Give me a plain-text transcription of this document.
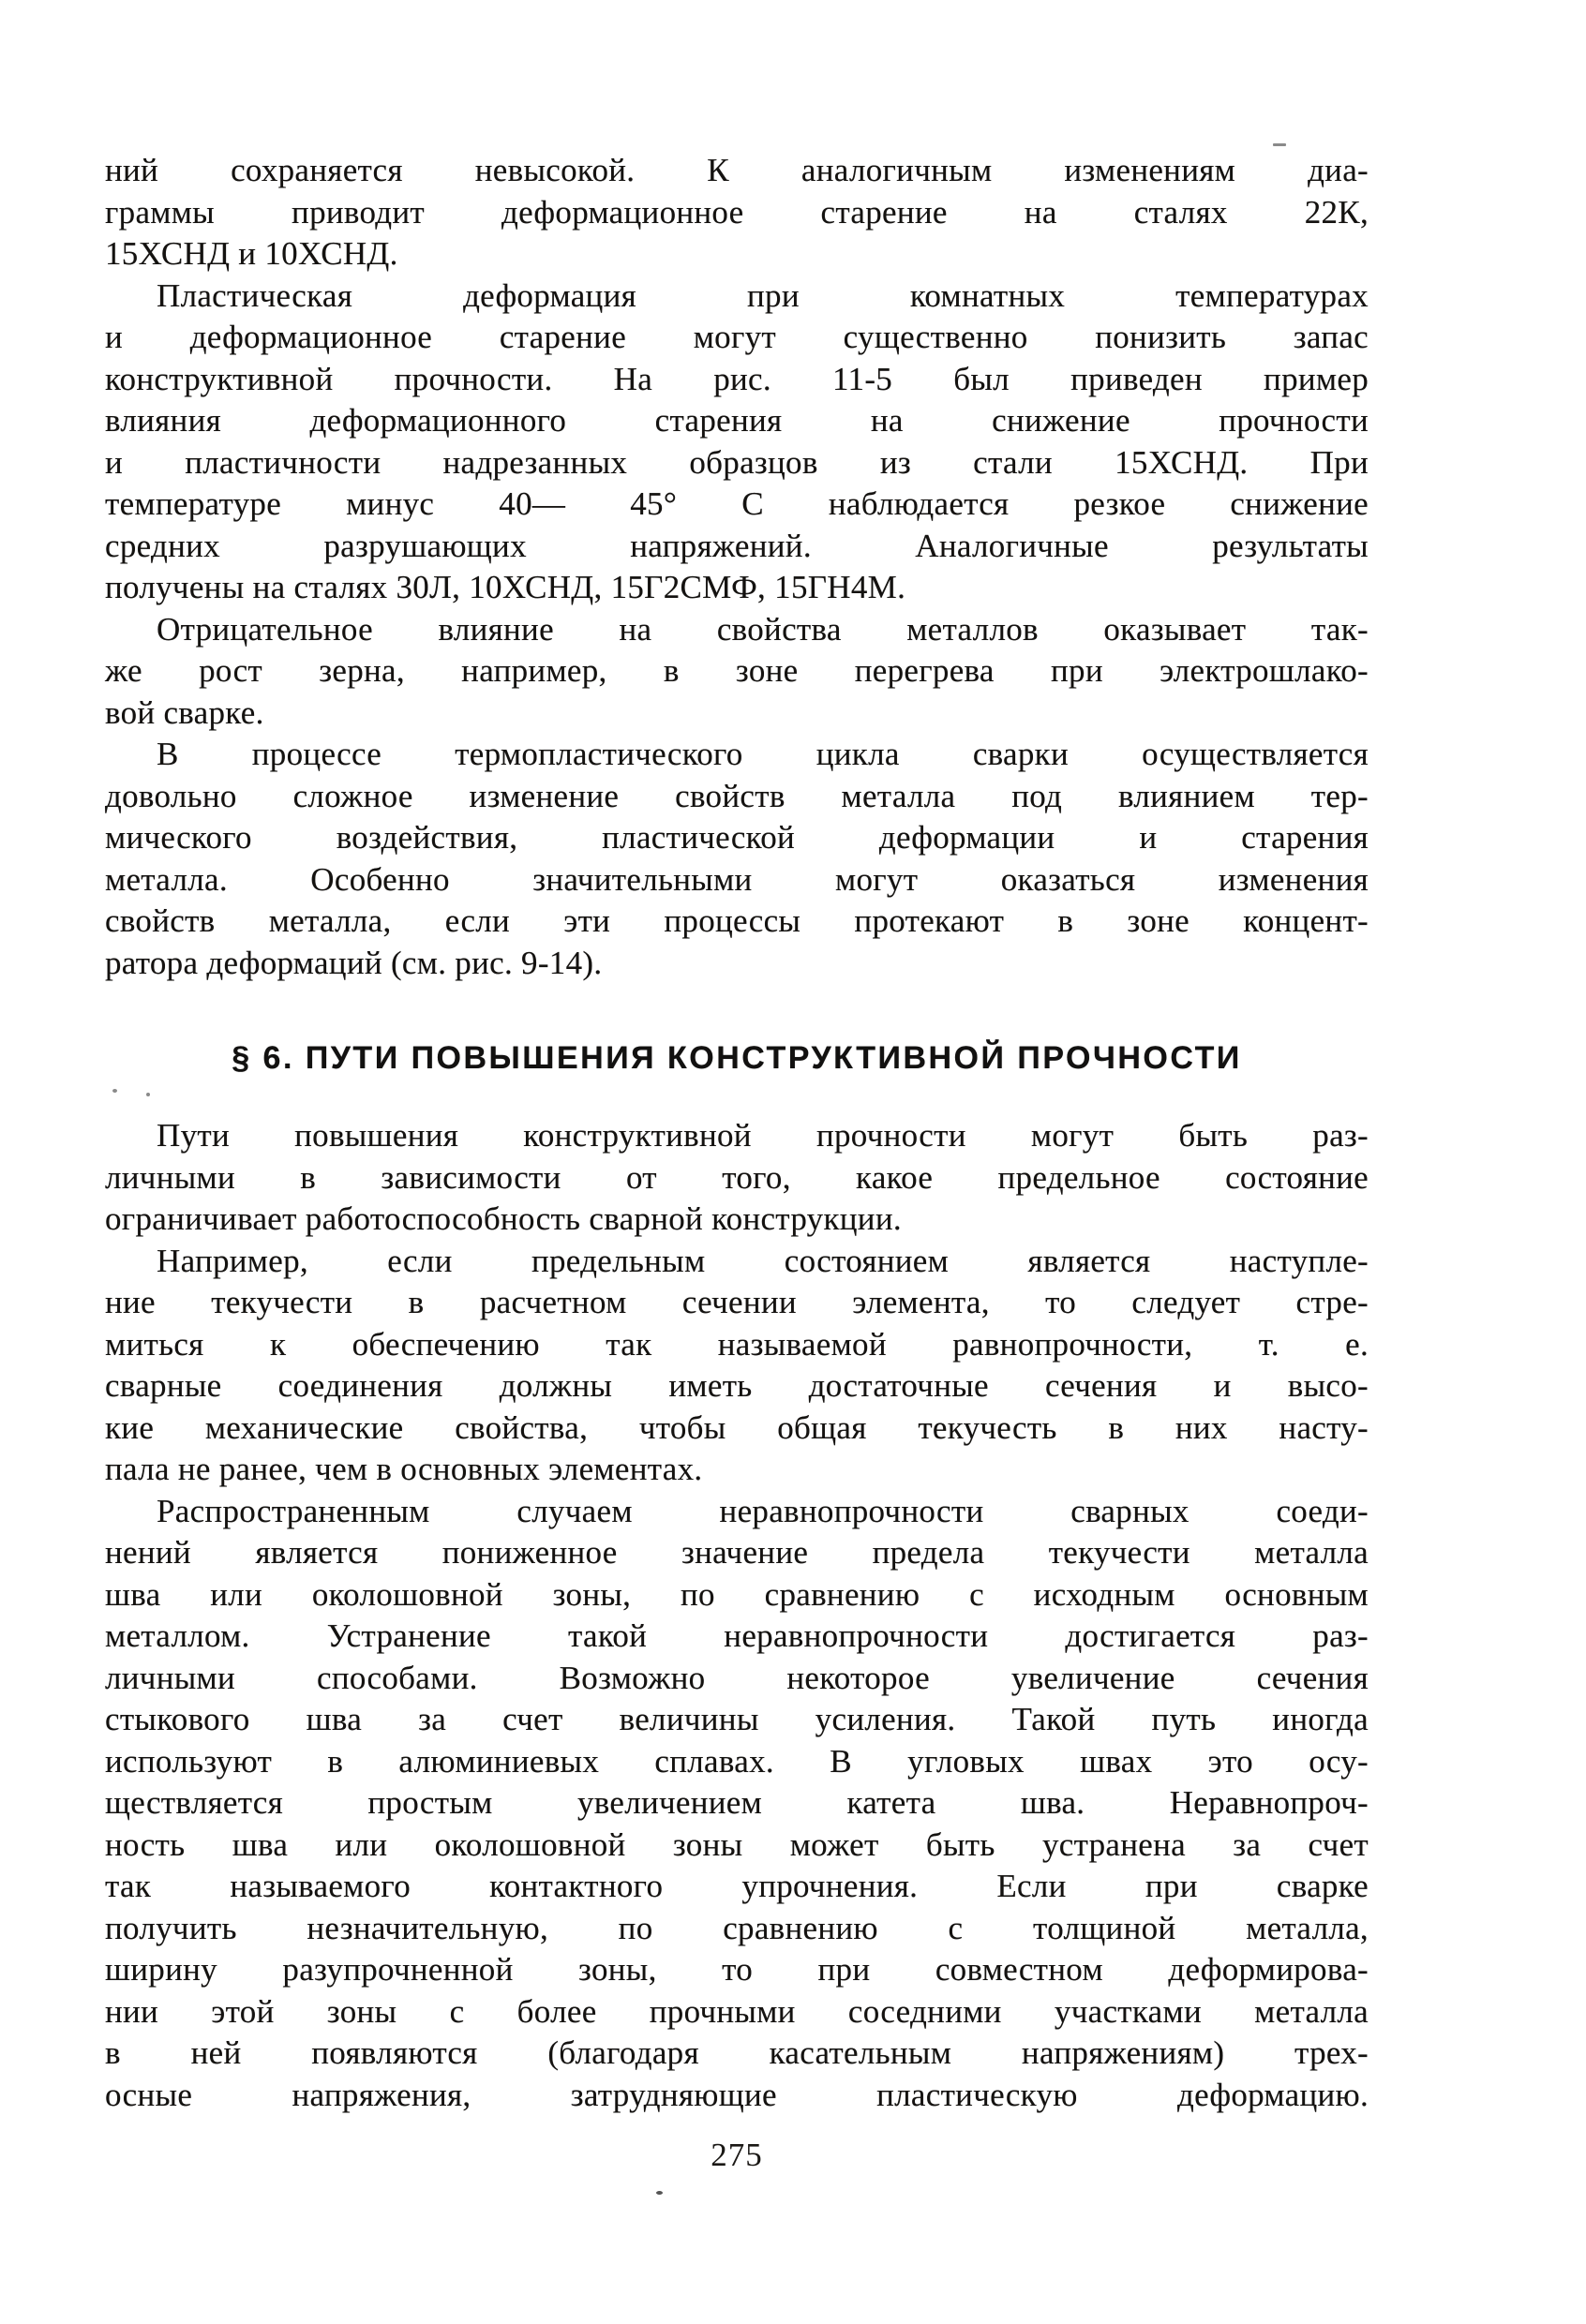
ний сохраняется невысокой. К аналогичным изменениям диа-
граммы приводит деформационное старение на сталях 22К,
15ХСНД и 10ХСНД.
Пластическая деформация при комнатных температурах
и деформационное старение могут существенно понизить запас
конструктивной прочности. На рис. 11-5 был приведен пример
влияния деформационного старения на снижение прочности
и пластичности надрезанных образцов из стали 15ХСНД. При
температуре минус 40— 45° С наблюдается резкое снижение
средних разрушающих напряжений. Аналогичные результаты
получены на сталях 30Л, 10ХСНД, 15Г2СМФ, 15ГН4М.
Отрицательное влияние на свойства металлов оказывает так-
же рост зерна, например, в зоне перегрева при электрошлако-
вой сварке.
В процессе термопластического цикла сварки осуществляется
довольно сложное изменение свойств металла под влиянием тер-
мического воздействия, пластической деформации и старения
металла. Особенно значительными могут оказаться изменения
свойств металла, если эти процессы протекают в зоне концент-
ратора деформаций (см. рис. 9-14).
§ 6. ПУТИ ПОВЫШЕНИЯ КОНСТРУКТИВНОЙ ПРОЧНОСТИ
Пути повышения конструктивной прочности могут быть раз-
личными в зависимости от того, какое предельное состояние
ограничивает работоспособность сварной конструкции.
Например, если предельным состоянием является наступле-
ние текучести в расчетном сечении элемента, то следует стре-
миться к обеспечению так называемой равнопрочности, т. е.
сварные соединения должны иметь достаточные сечения и высо-
кие механические свойства, чтобы общая текучесть в них насту-
пала не ранее, чем в основных элементах.
Распространенным случаем неравнопрочности сварных соеди-
нений является пониженное значение предела текучести металла
шва или околошовной зоны, по сравнению с исходным основным
металлом. Устранение такой неравнопрочности достигается раз-
личными способами. Возможно некоторое увеличение сечения
стыкового шва за счет величины усиления. Такой путь иногда
используют в алюминиевых сплавах. В угловых швах это осу-
ществляется простым увеличением катета шва. Неравнопроч-
ность шва или околошовной зоны может быть устранена за счет
так называемого контактного упрочнения. Если при сварке
получить незначительную, по сравнению с толщиной металла,
ширину разупрочненной зоны, то при совместном деформирова-
нии этой зоны с более прочными соседними участками металла
в ней появляются (благодаря касательным напряжениям) трех-
осные напряжения, затрудняющие пластическую деформацию.
275
